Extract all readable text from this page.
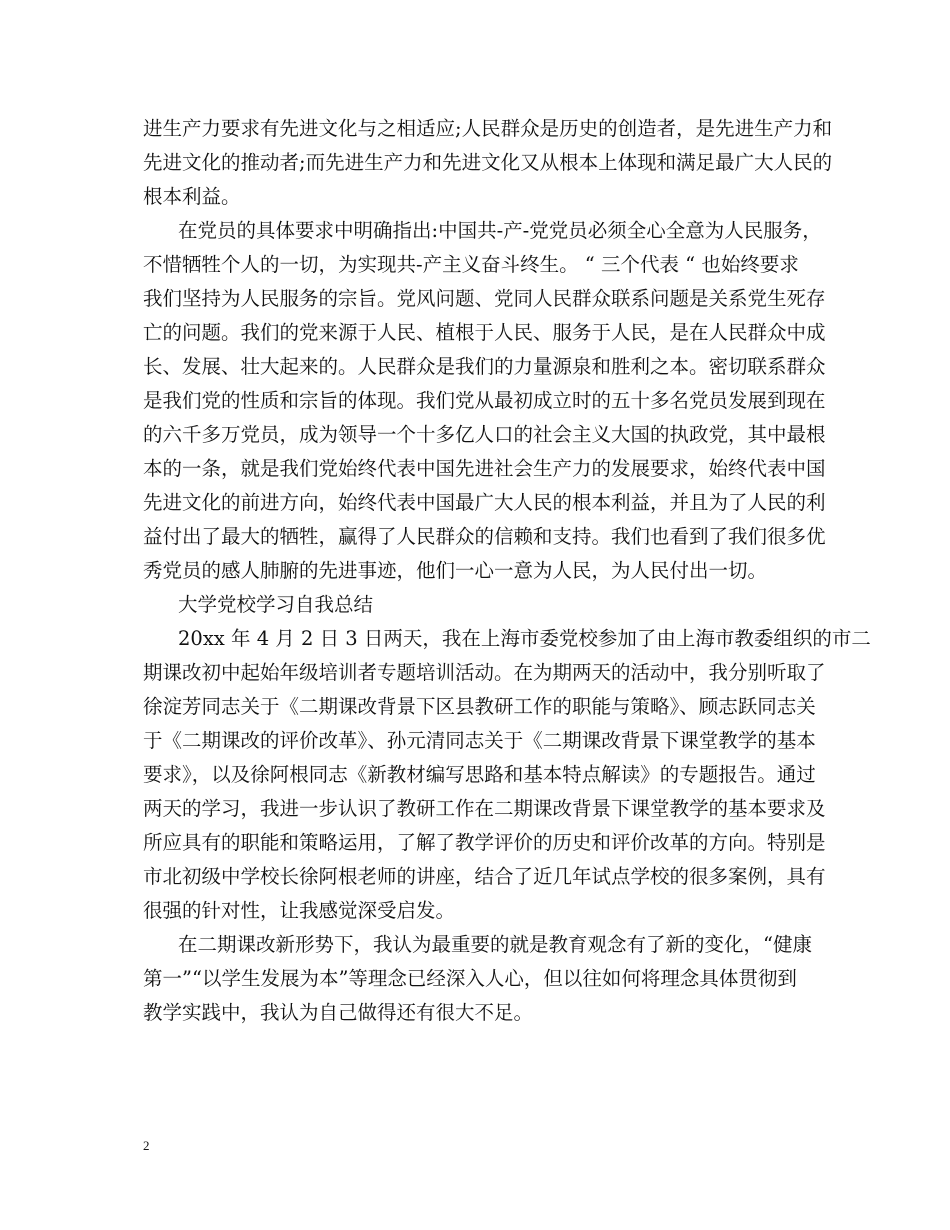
进生产力要求有先进文化与之相适应;人民群众是历史的创造者，是先进生产力和
先进文化的推动者;而先进生产力和先进文化又从根本上体现和满足最广大人民的
根本利益。
在党员的具体要求中明确指出:中国共-产-党党员必须全心全意为人民服务，
不惜牺牲个人的一切，为实现共-产主义奋斗终生。 “ 三个代表 “ 也始终要求
我们坚持为人民服务的宗旨。党风问题、党同人民群众联系问题是关系党生死存
亡的问题。我们的党来源于人民、植根于人民、服务于人民，是在人民群众中成
长、发展、壮大起来的。人民群众是我们的力量源泉和胜利之本。密切联系群众
是我们党的性质和宗旨的体现。我们党从最初成立时的五十多名党员发展到现在
的六千多万党员，成为领导一个十多亿人口的社会主义大国的执政党，其中最根
本的一条，就是我们党始终代表中国先进社会生产力的发展要求，始终代表中国
先进文化的前进方向，始终代表中国最广大人民的根本利益，并且为了人民的利
益付出了最大的牺牲，赢得了人民群众的信赖和支持。我们也看到了我们很多优
秀党员的感人肺腑的先进事迹，他们一心一意为人民，为人民付出一切。
大学党校学习自我总结
20xx 年 4 月 2 日 3 日两天，我在上海市委党校参加了由上海市教委组织的市二
期课改初中起始年级培训者专题培训活动。在为期两天的活动中，我分别听取了
徐淀芳同志关于《二期课改背景下区县教研工作的职能与策略》、顾志跃同志关
于《二期课改的评价改革》、孙元清同志关于《二期课改背景下课堂教学的基本
要求》，以及徐阿根同志《新教材编写思路和基本特点解读》的专题报告。通过
两天的学习，我进一步认识了教研工作在二期课改背景下课堂教学的基本要求及
所应具有的职能和策略运用，了解了教学评价的历史和评价改革的方向。特别是
市北初级中学校长徐阿根老师的讲座，结合了近几年试点学校的很多案例，具有
很强的针对性，让我感觉深受启发。
在二期课改新形势下，我认为最重要的就是教育观念有了新的变化，“健康
第一”“以学生发展为本”等理念已经深入人心，但以往如何将理念具体贯彻到
教学实践中，我认为自己做得还有很大不足。
2
